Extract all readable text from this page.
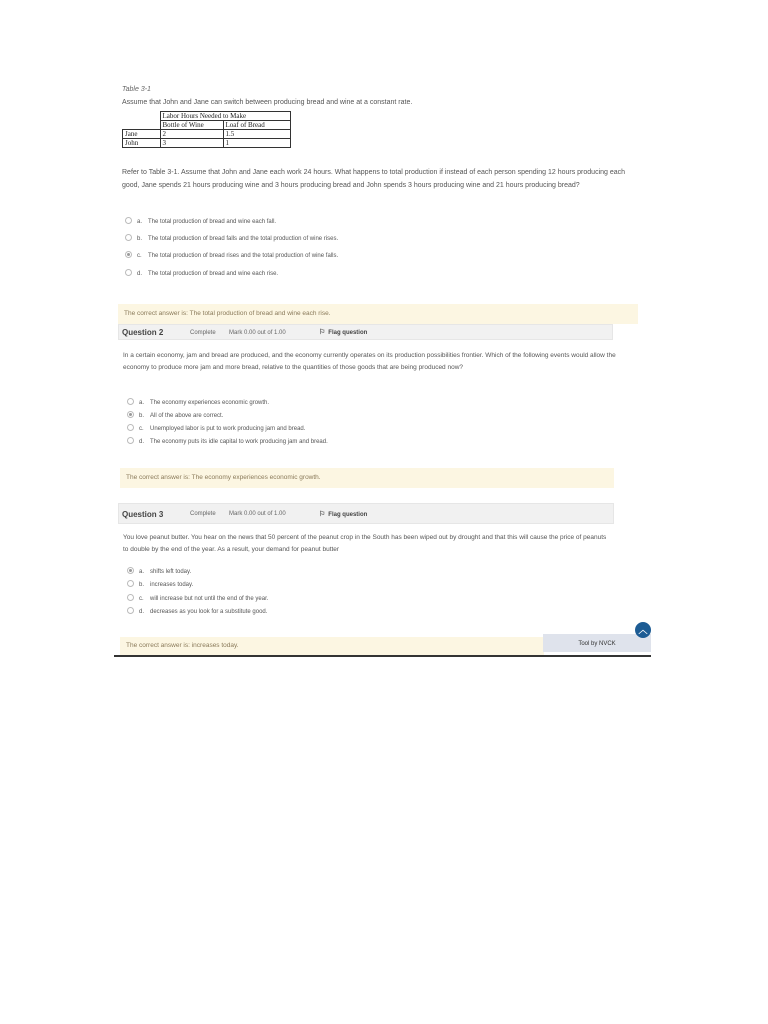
Table 3-1
Assume that John and Jane can switch between producing bread and wine at a constant rate.
	Labor Hours Needed to Make	
	Bottle of Wine	Loaf of Bread
Jane	2	1.5
John	3	1
Refer to Table 3-1. Assume that John and Jane each work 24 hours. What happens to total production if instead of each person spending 12 hours producing each good, Jane spends 21 hours producing wine and 3 hours producing bread and John spends 3 hours producing wine and 21 hours producing bread?
a. The total production of bread and wine each fall.
b. The total production of bread falls and the total production of wine rises.
c. The total production of bread rises and the total production of wine falls.
d. The total production of bread and wine each rise.
The correct answer is: The total production of bread and wine each rise.
Question 2	Complete Mark 0.00 out of 1.00	⚐ Flag question
In a certain economy, jam and bread are produced, and the economy currently operates on its production possibilities frontier. Which of the following events would allow the economy to produce more jam and more bread, relative to the quantities of those goods that are being produced now?
a. The economy experiences economic growth.
b. All of the above are correct.
c. Unemployed labor is put to work producing jam and bread.
d. The economy puts its idle capital to work producing jam and bread.
The correct answer is: The economy experiences economic growth.
Question 3	Complete Mark 0.00 out of 1.00	⚐ Flag question
You love peanut butter. You hear on the news that 50 percent of the peanut crop in the South has been wiped out by drought and that this will cause the price of peanuts to double by the end of the year. As a result, your demand for peanut butter
a. shifts left today.
b. increases today.
c. will increase but not until the end of the year.
d. decreases as you look for a substitute good.
The correct answer is: increases today.	Tool by NVCK
︿
